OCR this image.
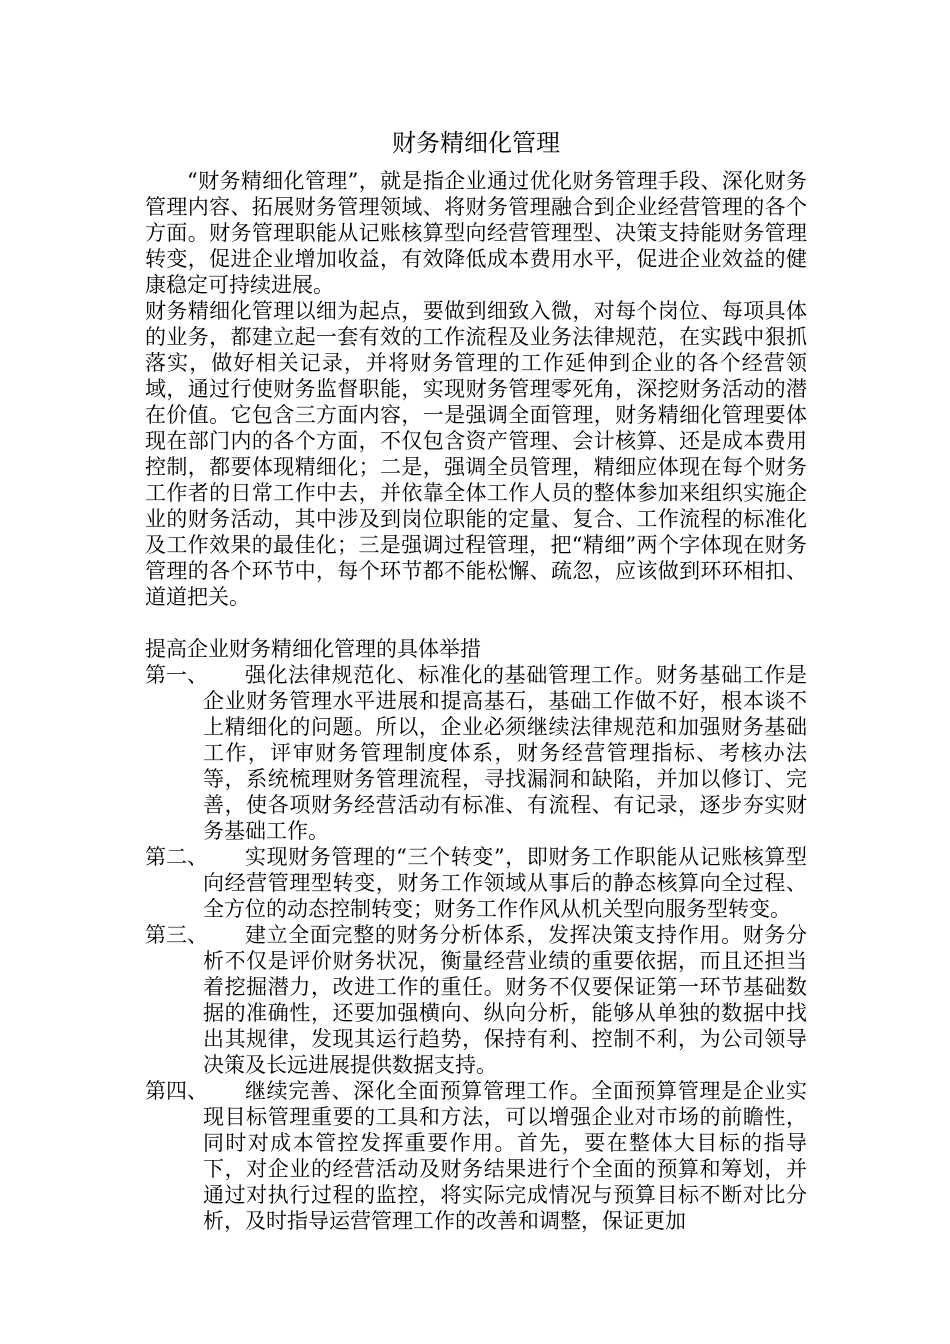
财务精细化管理

“财务精细化管理”，就是指企业通过优化财务管理手段、深化财务管理内容、拓展财务管理领域、将财务管理融合到企业经营管理的各个方面。财务管理职能从记账核算型向经营管理型、决策支持能财务管理转变，促进企业增加收益，有效降低成本费用水平，促进企业效益的健康稳定可持续进展。

财务精细化管理以细为起点，要做到细致入微，对每个岗位、每项具体的业务，都建立起一套有效的工作流程及业务法律规范，在实践中狠抓落实，做好相关记录，并将财务管理的工作延伸到企业的各个经营领域，通过行使财务监督职能，实现财务管理零死角，深挖财务活动的潜在价值。它包含三方面内容，一是强调全面管理，财务精细化管理要体现在部门内的各个方面，不仅包含资产管理、会计核算、还是成本费用控制，都要体现精细化；二是，强调全员管理，精细应体现在每个财务工作者的日常工作中去，并依靠全体工作人员的整体参加来组织实施企业的财务活动，其中涉及到岗位职能的定量、复合、工作流程的标准化及工作效果的最佳化；三是强调过程管理，把“精细”两个字体现在财务管理的各个环节中，每个环节都不能松懈、疏忽，应该做到环环相扣、道道把关。

提高企业财务精细化管理的具体举措

第一、	强化法律规范化、标准化的基础管理工作。财务基础工作是企业财务管理水平进展和提高基石，基础工作做不好，根本谈不上精细化的问题。所以，企业必须继续法律规范和加强财务基础工作，评审财务管理制度体系，财务经营管理指标、考核办法等，系统梳理财务管理流程，寻找漏洞和缺陷，并加以修订、完善，使各项财务经营活动有标准、有流程、有记录，逐步夯实财务基础工作。
第二、	实现财务管理的“三个转变”，即财务工作职能从记账核算型向经营管理型转变，财务工作领域从事后的静态核算向全过程、全方位的动态控制转变；财务工作作风从机关型向服务型转变。
第三、	建立全面完整的财务分析体系，发挥决策支持作用。财务分析不仅是评价财务状况，衡量经营业绩的重要依据，而且还担当着挖掘潜力，改进工作的重任。财务不仅要保证第一环节基础数据的准确性，还要加强横向、纵向分析，能够从单独的数据中找出其规律，发现其运行趋势，保持有利、控制不利，为公司领导决策及长远进展提供数据支持。
第四、	继续完善、深化全面预算管理工作。全面预算管理是企业实现目标管理重要的工具和方法，可以增强企业对市场的前瞻性，同时对成本管控发挥重要作用。首先，要在整体大目标的指导下，对企业的经营活动及财务结果进行个全面的预算和筹划，并通过对执行过程的监控，将实际完成情况与预算目标不断对比分析，及时指导运营管理工作的改善和调整，保证更加
